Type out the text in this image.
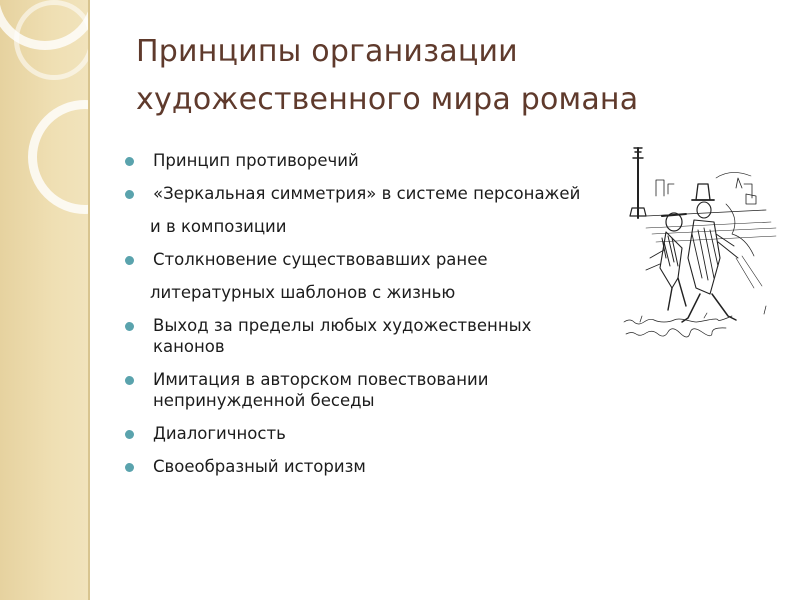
Принципы организации
художественного мира романа
Принцип противоречий
«Зеркальная симметрия» в системе персонажей
и в композиции
Столкновение существовавших ранее
литературных шаблонов с жизнью
Выход за пределы любых художественных
канонов
Имитация в авторском повествовании
непринужденной беседы
Диалогичность
Своеобразный историзм
